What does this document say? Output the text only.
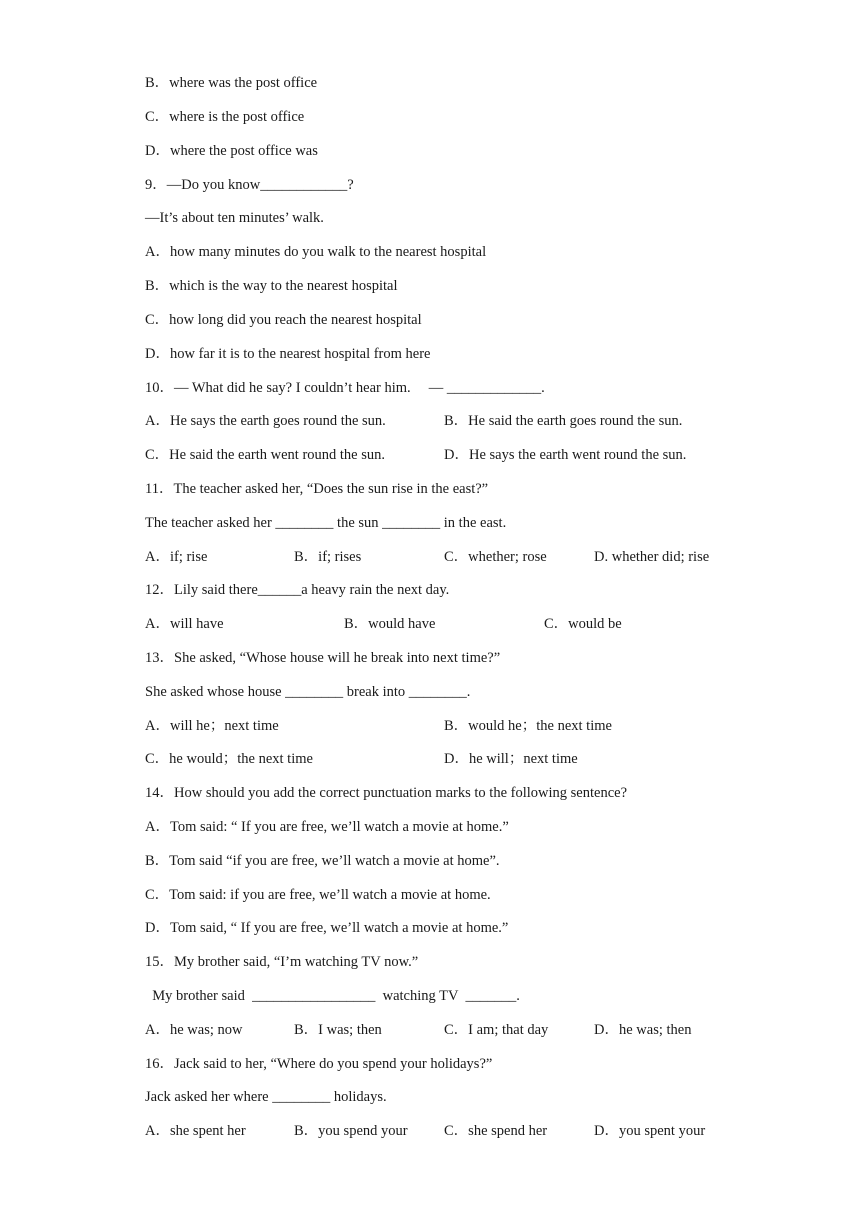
B．where was the post office
C．where is the post office
D．where the post office was
9．—Do you know____________?
—It’s about ten minutes’ walk.
A．how many minutes do you walk to the nearest hospital
B．which is the way to the nearest hospital
C．how long did you reach the nearest hospital
D．how far it is to the nearest hospital from here
10．— What did he say? I couldn’t hear him.     — _____________.
A．He says the earth goes round the sun.	B．He said the earth goes round the sun.
C．He said the earth went round the sun.	D．He says the earth went round the sun.
11．The teacher asked her, “Does the sun rise in the east?”
The teacher asked her ________ the sun ________ in the east.
A．if; rise	B．if; rises	C．whether; rose	D. whether did; rise
12．Lily said there______a heavy rain the next day.
A．will have	B．would have	C．would be
13．She asked, “Whose house will he break into next time?”
She asked whose house ________ break into ________.
A．will he；next time	B．would he；the next time
C．he would；the next time	D．he will；next time
14．How should you add the correct punctuation marks to the following sentence?
A．Tom said: “ If you are free, we’ll watch a movie at home.”
B．Tom said “if you are free, we’ll watch a movie at home”.
C．Tom said: if you are free, we’ll watch a movie at home.
D．Tom said, “ If you are free, we’ll watch a movie at home.”
15．My brother said, “I’m watching TV now.”
My brother said  _________________  watching TV  _______.
A．he was; now	B．I was; then	C．I am; that day	D．he was; then
16．Jack said to her, “Where do you spend your holidays?”
Jack asked her where ________ holidays.
A．she spent her	B．you spend your	C．she spend her	D．you spent your
